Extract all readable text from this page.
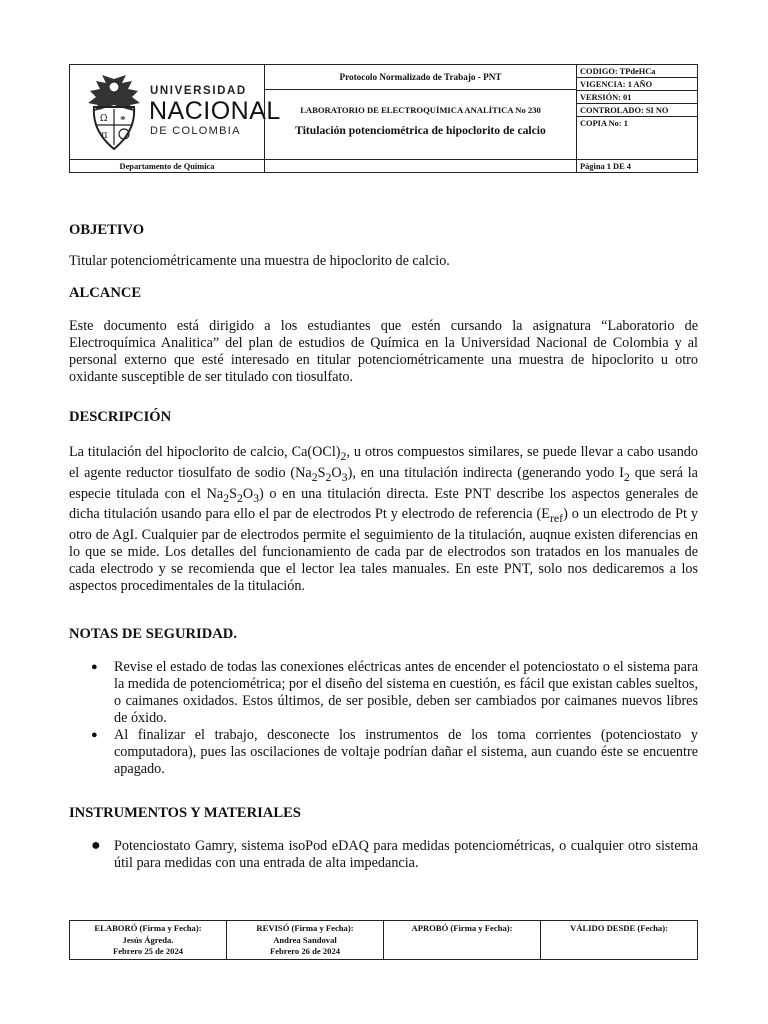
Ω ⚭
π
UNIVERSIDAD
NACIONAL
DE COLOMBIA
Departamento de Química
Protocolo Normalizado de Trabajo - PNT
LABORATORIO DE ELECTROQUÍMICA ANALÍTICA No 230
Titulación potenciométrica de hipoclorito de calcio
CODIGO: TPdeHCa
VIGENCIA: 1 AÑO
VERSIÓN: 01
CONTROLADO: SI NO
COPIA No: 1
Página 1 DE 4
OBJETIVO

Titular potenciométricamente una muestra de hipoclorito de calcio.

ALCANCE

Este documento está dirigido a los estudiantes que estén cursando la asignatura “Laboratorio de Electroquímica Analitica” del plan de estudios de Química en la Universidad Nacional de Colombia y al personal externo que esté interesado en titular potenciométricamente una muestra de hipoclorito u otro oxidante susceptible de ser titulado con tiosulfato.

DESCRIPCIÓN

La titulación del hipoclorito de calcio, $Ca(OCl)_2$, u otros compuestos similares, se puede llevar a cabo usando el agente reductor tiosulfato de sodio $(Na_2S_2O_3)$, en una titulación indirecta (generando yodo $I_2$ que será la especie titulada con el $Na_2S_2O_3$) o en una titulación directa. Este PNT describe los aspectos generales de dicha titulación usando para ello el par de electrodos Pt y electrodo de referencia $(E_{ref})$ o un electrodo de Pt y otro de AgI. Cualquier par de electrodos permite el seguimiento de la titulación, auqnue existen diferencias en lo que se mide. Los detalles del funcionamiento de cada par de electrodos son tratados en los manuales de cada electrodo y se recomienda que el lector lea tales manuales. En este PNT, solo nos dedicaremos a los aspectos procedimentales de la titulación.

NOTAS DE SEGURIDAD.
● Revise el estado de todas las conexiones eléctricas antes de encender el potenciostato o el sistema para la medida de potenciométrica; por el diseño del sistema en cuestión, es fácil que existan cables sueltos, o caimanes oxidados. Estos últimos, de ser posible, deben ser cambiados por caimanes nuevos libres de óxido.
● Al finalizar el trabajo, desconecte los instrumentos de los toma corrientes (potenciostato y computadora), pues las oscilaciones de voltaje podrían dañar el sistema, aun cuando éste se encuentre apagado.
INSTRUMENTOS Y MATERIALES
● Potenciostato Gamry, sistema isoPod eDAQ para medidas potenciométricas, o cualquier otro sistema útil para medidas con una entrada de alta impedancia.
ELABORÓ (Firma y Fecha):
Jesús Ágreda.
Febrero 25 de 2024
REVISÓ (Firma y Fecha):
Andrea Sandoval
Febrero 26 de 2024
APROBÓ (Firma y Fecha):	VÁLIDO DESDE (Fecha):
